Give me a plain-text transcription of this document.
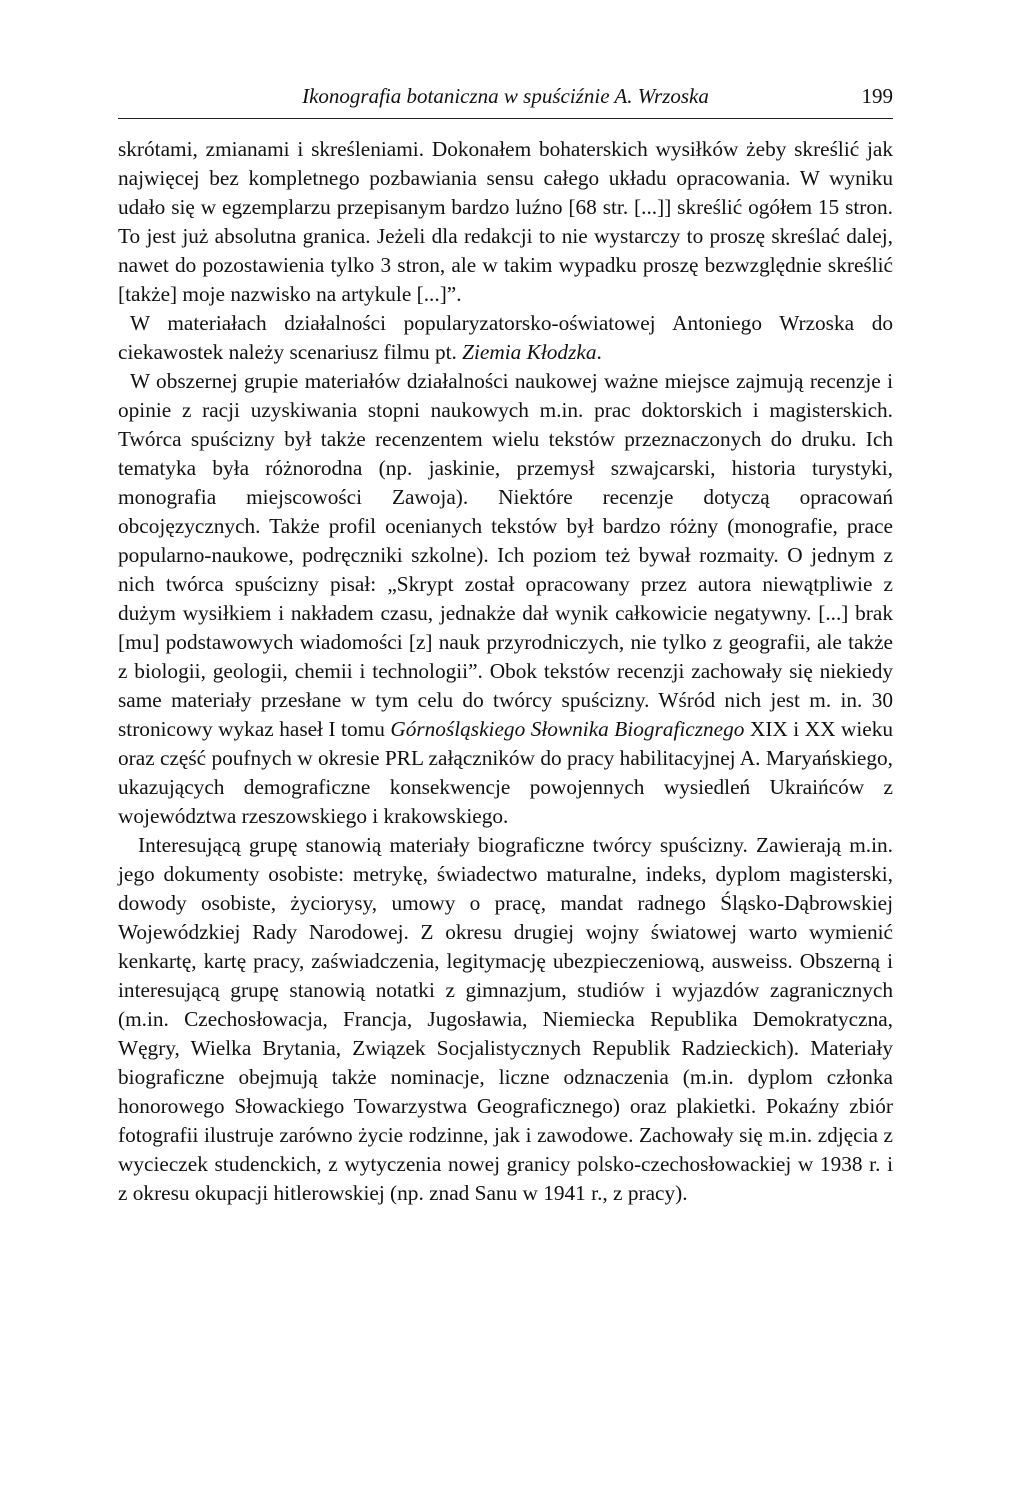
Ikonografia botaniczna w spuściźnie A. Wrzoska	199

skrótami, zmianami i skreśleniami. Dokonałem bohaterskich wysiłków żeby skreślić jak najwięcej bez kompletnego pozbawiania sensu całego układu opracowania. W wyniku udało się w egzemplarzu przepisanym bardzo luźno [68 str. [...]] skreślić ogółem 15 stron. To jest już absolutna granica. Jeżeli dla redakcji to nie wystarczy to proszę skreślać dalej, nawet do pozostawienia tylko 3 stron, ale w takim wypadku proszę bezwzględnie skreślić [także] moje nazwisko na artykule [...]”.

W materiałach działalności popularyzatorsko-oświatowej Antoniego Wrzoska do ciekawostek należy scenariusz filmu pt. Ziemia Kłodzka.

W obszernej grupie materiałów działalności naukowej ważne miejsce zajmują recenzje i opinie z racji uzyskiwania stopni naukowych m.in. prac doktorskich i magisterskich. Twórca spuścizny był także recenzentem wielu tekstów przeznaczonych do druku. Ich tematyka była różnorodna (np. jaskinie, przemysł szwajcarski, historia turystyki, monografia miejscowości Zawoja). Niektóre recenzje dotyczą opracowań obcojęzycznych. Także profil ocenianych tekstów był bardzo różny (monografie, prace popularno-naukowe, podręczniki szkolne). Ich poziom też bywał rozmaity. O jednym z nich twórca spuścizny pisał: „Skrypt został opracowany przez autora niewątpliwie z dużym wysiłkiem i nakładem czasu, jednakże dał wynik całkowicie negatywny. [...] brak [mu] podstawowych wiadomości [z] nauk przyrodniczych, nie tylko z geografii, ale także z biologii, geologii, chemii i technologii”. Obok tekstów recenzji zachowały się niekiedy same materiały przesłane w tym celu do twórcy spuścizny. Wśród nich jest m. in. 30 stronicowy wykaz haseł I tomu Górnośląskiego Słownika Biograficznego XIX i XX wieku oraz część poufnych w okresie PRL załączników do pracy habilitacyjnej A. Maryańskiego, ukazujących demograficzne konsekwencje powojennych wysiedleń Ukraińców z województwa rzeszowskiego i krakowskiego.

Interesującą grupę stanowią materiały biograficzne twórcy spuścizny. Zawierają m.in. jego dokumenty osobiste: metrykę, świadectwo maturalne, indeks, dyplom magisterski, dowody osobiste, życiorysy, umowy o pracę, mandat radnego Śląsko-Dąbrowskiej Wojewódzkiej Rady Narodowej. Z okresu drugiej wojny światowej warto wymienić kenkartę, kartę pracy, zaświadczenia, legitymację ubezpieczeniową, ausweiss. Obszerną i interesującą grupę stanowią notatki z gimnazjum, studiów i wyjazdów zagranicznych (m.in. Czechosłowacja, Francja, Jugosławia, Niemiecka Republika Demokratyczna, Węgry, Wielka Brytania, Związek Socjalistycznych Republik Radzieckich). Materiały biograficzne obejmują także nominacje, liczne odznaczenia (m.in. dyplom członka honorowego Słowackiego Towarzystwa Geograficznego) oraz plakietki. Pokaźny zbiór fotografii ilustruje zarówno życie rodzinne, jak i zawodowe. Zachowały się m.in. zdjęcia z wycieczek studenckich, z wytyczenia nowej granicy polsko-czechosłowackiej w 1938 r. i z okresu okupacji hitlerowskiej (np. znad Sanu w 1941 r., z pracy).
